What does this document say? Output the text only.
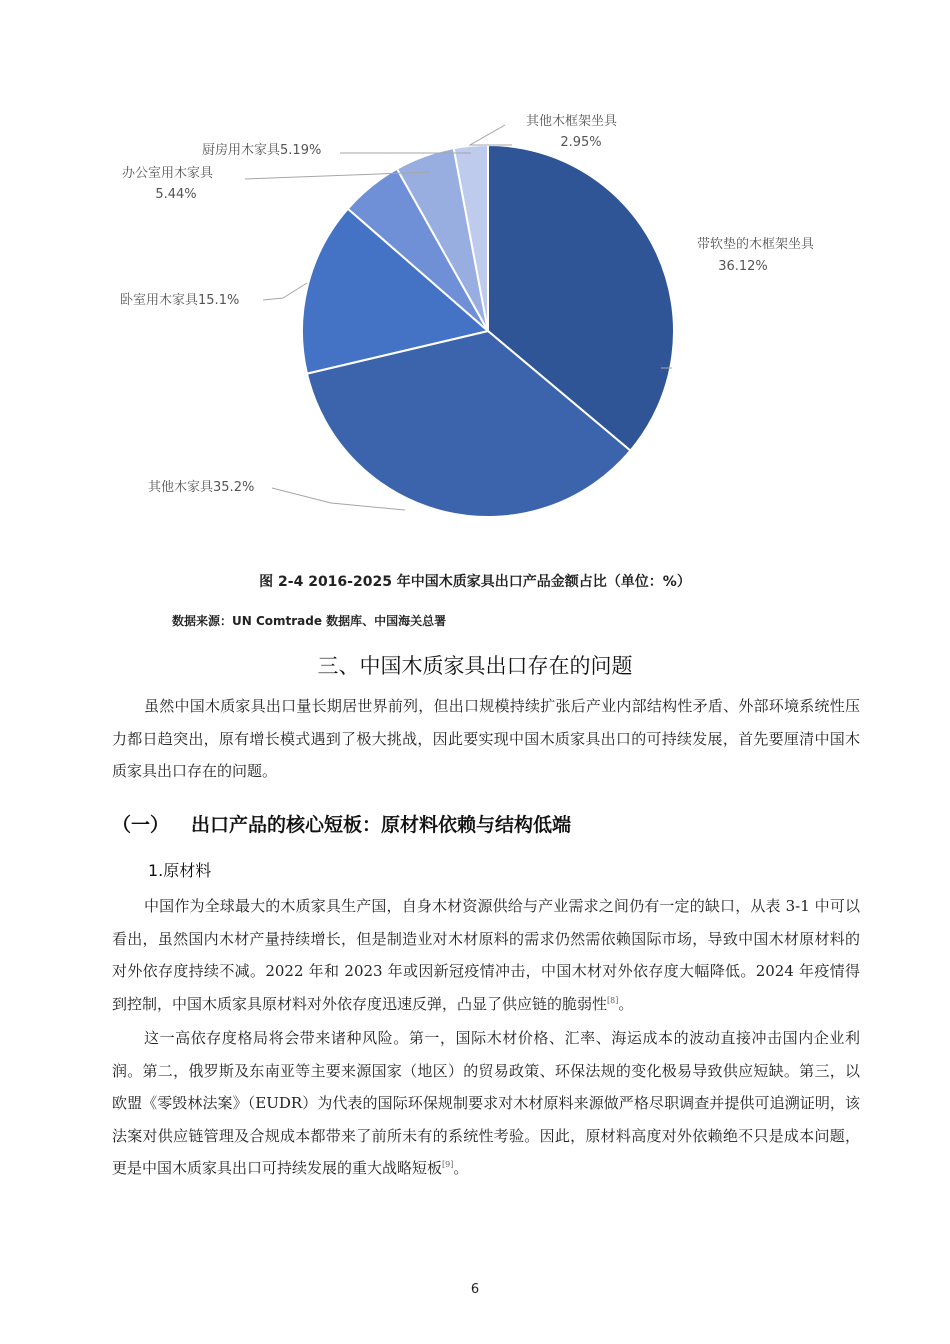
带软垫的木框架坐具
36.12%
其他木家具35.2%
卧室用木家具15.1%
办公室用木家具
5.44%
厨房用木家具5.19%
其他木框架坐具
2.95%
图 2-4 2016-2025 年中国木质家具出口产品金额占比（单位：%）
数据来源：UN Comtrade 数据库、中国海关总署
三、中国木质家具出口存在的问题

虽然中国木质家具出口量长期居世界前列，但出口规模持续扩张后产业内部结构性矛盾、外部环境系统性压力都日趋突出，原有增长模式遇到了极大挑战，因此要实现中国木质家具出口的可持续发展，首先要厘清中国木质家具出口存在的问题。

（一） 出口产品的核心短板：原材料依赖与结构低端
1.原材料

中国作为全球最大的木质家具生产国，自身木材资源供给与产业需求之间仍有一定的缺口，从表 3-1 中可以看出，虽然国内木材产量持续增长，但是制造业对木材原料的需求仍然需依赖国际市场，导致中国木材原材料的对外依存度持续不减。2022 年和 2023 年或因新冠疫情冲击，中国木材对外依存度大幅降低。2024 年疫情得到控制，中国木质家具原材料对外依存度迅速反弹，凸显了供应链的脆弱性[8]。

这一高依存度格局将会带来诸种风险。第一，国际木材价格、汇率、海运成本的波动直接冲击国内企业利润。第二，俄罗斯及东南亚等主要来源国家（地区）的贸易政策、环保法规的变化极易导致供应短缺。第三，以欧盟《零毁林法案》（EUDR）为代表的国际环保规制要求对木材原料来源做严格尽职调查并提供可追溯证明，该法案对供应链管理及合规成本都带来了前所未有的系统性考验。因此，原材料高度对外依赖绝不只是成本问题，更是中国木质家具出口可持续发展的重大战略短板[9]。

6
